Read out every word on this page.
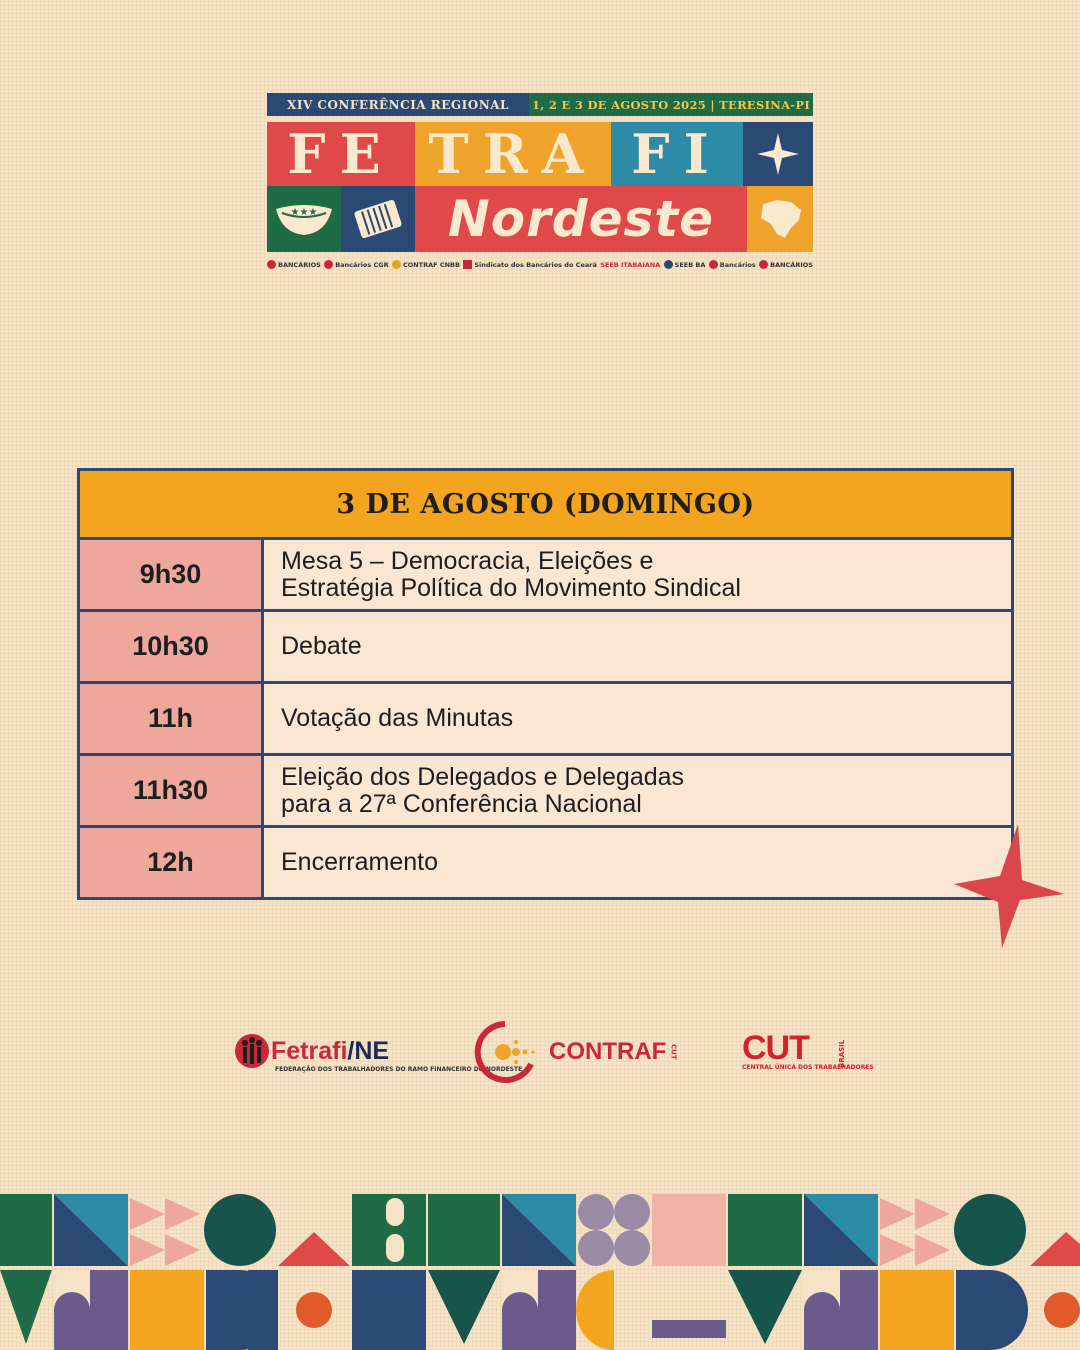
XIV CONFERÊNCIA REGIONAL	1, 2 E 3 DE AGOSTO 2025 | TERESINA-PI
FE TRA FI
★★★	Nordeste
BANCÁRIOS Bancários CGR CONTRAF CNBB Sindicato dos Bancários do Ceará SEEB ITABAIANA SEEB BA Bancários BANCÁRIOS
3 DE AGOSTO (DOMINGO)
9h30	Mesa 5 – Democracia, Eleições e
Estratégia Política do Movimento Sindical
10h30	Debate
11h	Votação das Minutas
11h30	Eleição dos Delegados e Delegadas
para a 27ª Conferência Nacional
12h	Encerramento
Fetrafi/NE
FEDERAÇÃO DOS TRABALHADORES DO RAMO FINANCEIRO DO NORDESTE
CONTRAF CUT CUT
CENTRAL ÚNICA DOS TRABALHADORES
BRASIL
